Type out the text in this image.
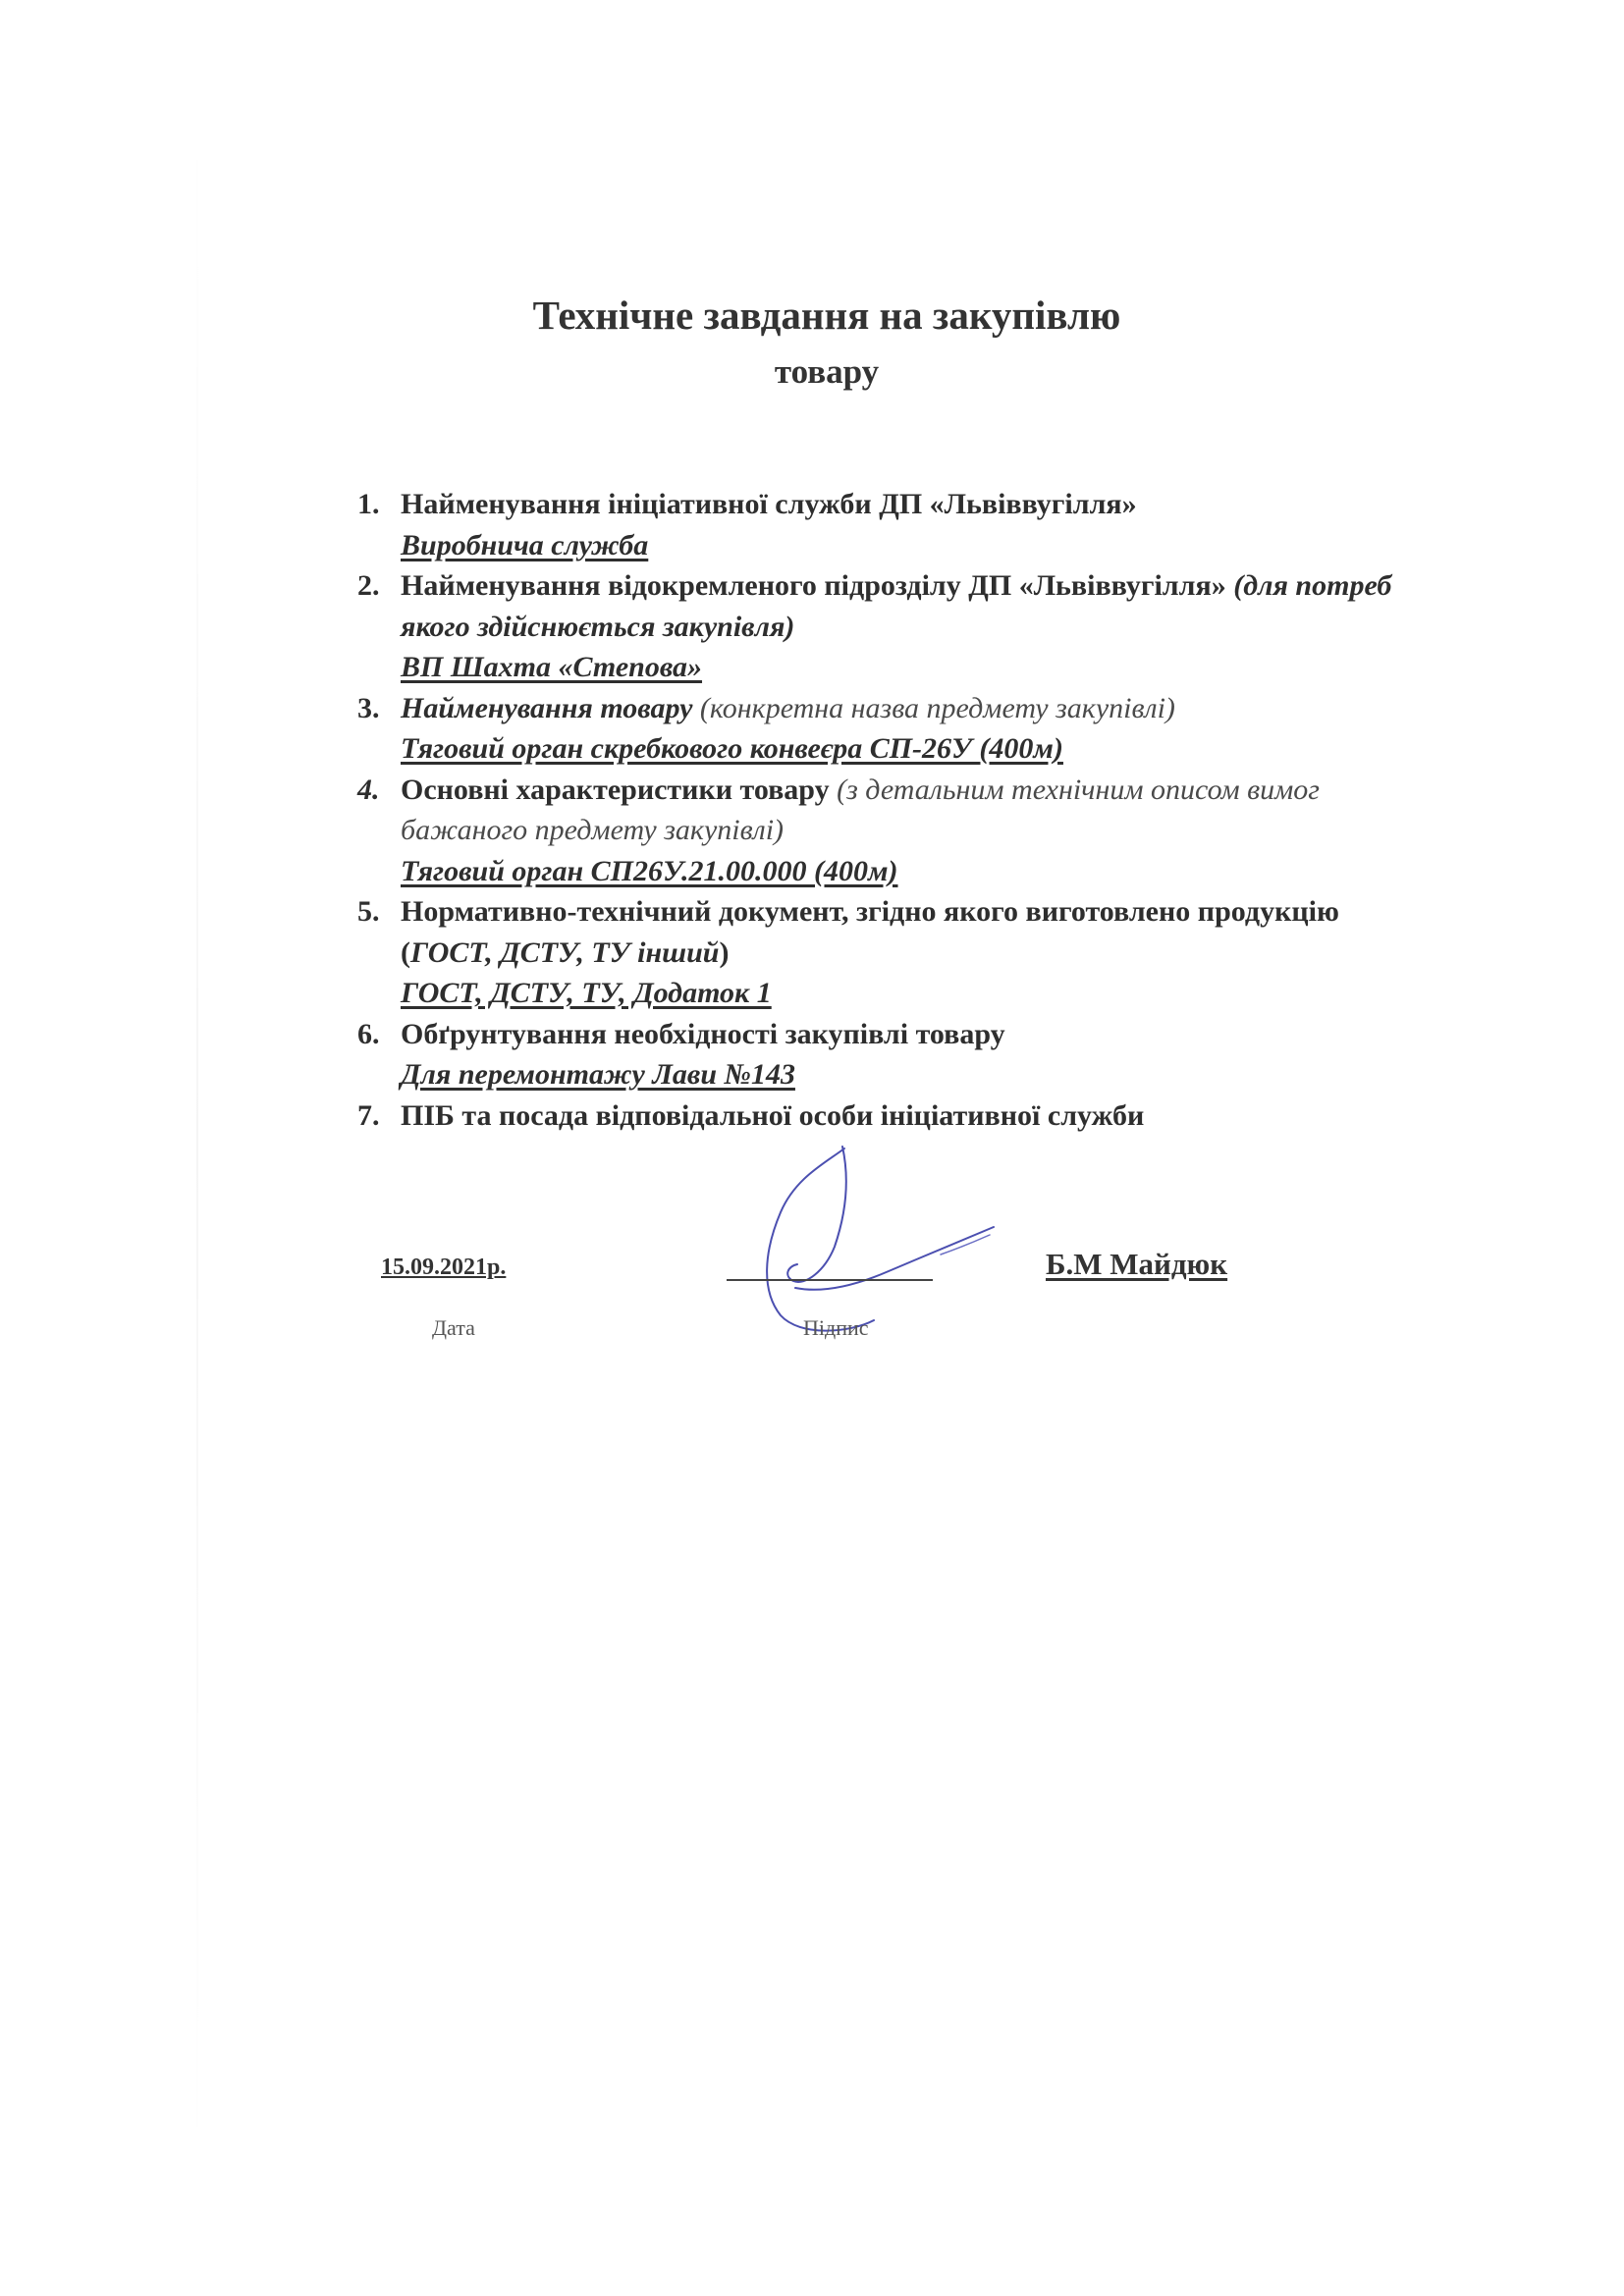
Технічне завдання на закупівлю
товару
1. Найменування ініціативної служби ДП «Львіввугілля»
Виробнича служба
2. Найменування відокремленого підрозділу ДП «Львіввугілля» (для потреб
якого здійснюється закупівля)
ВП Шахта «Степова»
3. Найменування товару (конкретна назва предмету закупівлі)
Тяговий орган скребкового конвеєра СП-26У (400м)
4. Основні характеристики товару (з детальним технічним описом вимог
бажаного предмету закупівлі)
Тяговий орган СП26У.21.00.000 (400м)
5. Нормативно-технічний документ, згідно якого виготовлено продукцію
(ГОСТ, ДСТУ, ТУ інший)
ГОСТ, ДСТУ, ТУ, Додаток 1
6. Обґрунтування необхідності закупівлі товару
Для перемонтажу Лави №143
7. ПІБ та посада відповідальної особи ініціативної служби
15.09.2021р.
Дата	Підпис
Б.М Майдюк
